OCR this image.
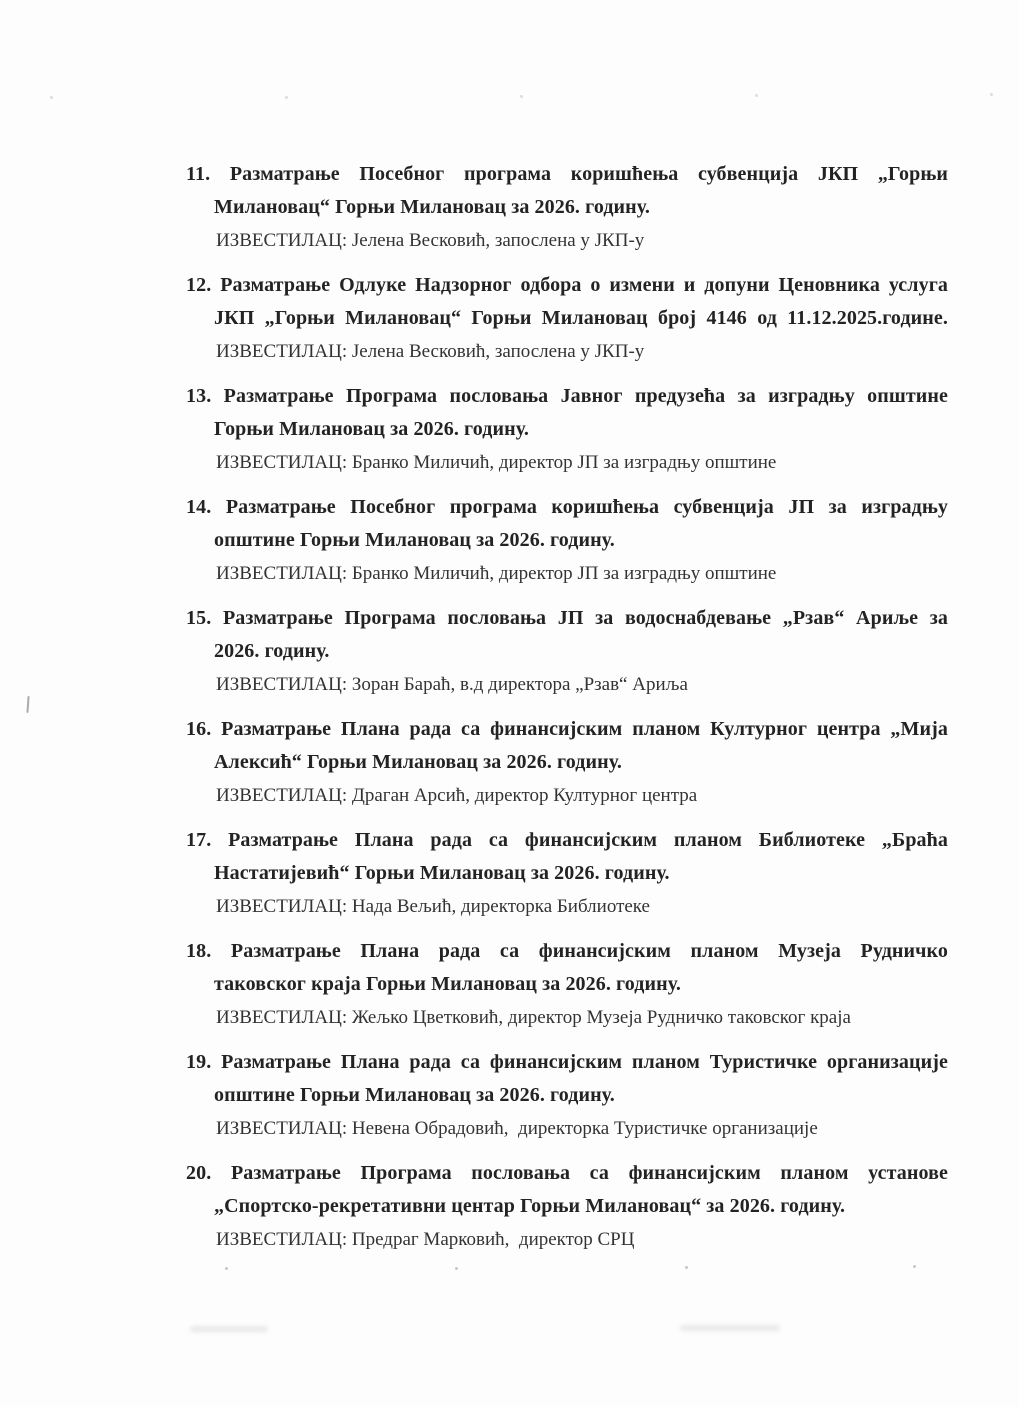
11. Разматрање Посебног програма коришћења субвенција ЈКП „Горњи
Милановац“ Горњи Милановац за 2026. годину.
ИЗВЕСТИЛАЦ: Јелена Весковић, запослена у ЈКП-у
12. Разматрање Одлуке Надзорног одбора о измени и допуни Ценовника услуга
ЈКП „Горњи Милановац“ Горњи Милановац број 4146 од 11.12.2025.године.
ИЗВЕСТИЛАЦ: Јелена Весковић, запослена у ЈКП-у
13. Разматрање Програма пословања Јавног предузећа за изградњу општине
Горњи Милановац за 2026. годину.
ИЗВЕСТИЛАЦ: Бранко Миличић, директор ЈП за изградњу општине
14. Разматрање Посебног програма коришћења субвенција ЈП за изградњу
општине Горњи Милановац за 2026. годину.
ИЗВЕСТИЛАЦ: Бранко Миличић, директор ЈП за изградњу општине
15. Разматрање Програма пословања ЈП за водоснабдевање „Рзав“ Ариље за
2026. годину.
ИЗВЕСТИЛАЦ: Зоран Бараћ, в.д директора „Рзав“ Ариља
16. Разматрање Плана рада са финансијским планом Културног центра „Мија
Алексић“ Горњи Милановац за 2026. годину.
ИЗВЕСТИЛАЦ: Драган Арсић, директор Културног центра
17. Разматрање Плана рада са финансијским планом Библиотеке „Браћа
Настатијевић“ Горњи Милановац за 2026. годину.
ИЗВЕСТИЛАЦ: Нада Вељић, директорка Библиотеке
18. Разматрање Плана рада са финансијским планом Музеја Рудничко
таковског краја Горњи Милановац за 2026. годину.
ИЗВЕСТИЛАЦ: Жељко Цветковић, директор Музеја Рудничко таковског краја
19. Разматрање Плана рада са финансијским планом Туристичке организације
општине Горњи Милановац за 2026. годину.
ИЗВЕСТИЛАЦ: Невена Обрадовић,  директорка Туристичке организације
20. Разматрање Програма пословања са финансијским планом установе
„Спортско-рекретативни центар Горњи Милановац“ за 2026. годину.
ИЗВЕСТИЛАЦ: Предраг Марковић,  директор СРЦ
